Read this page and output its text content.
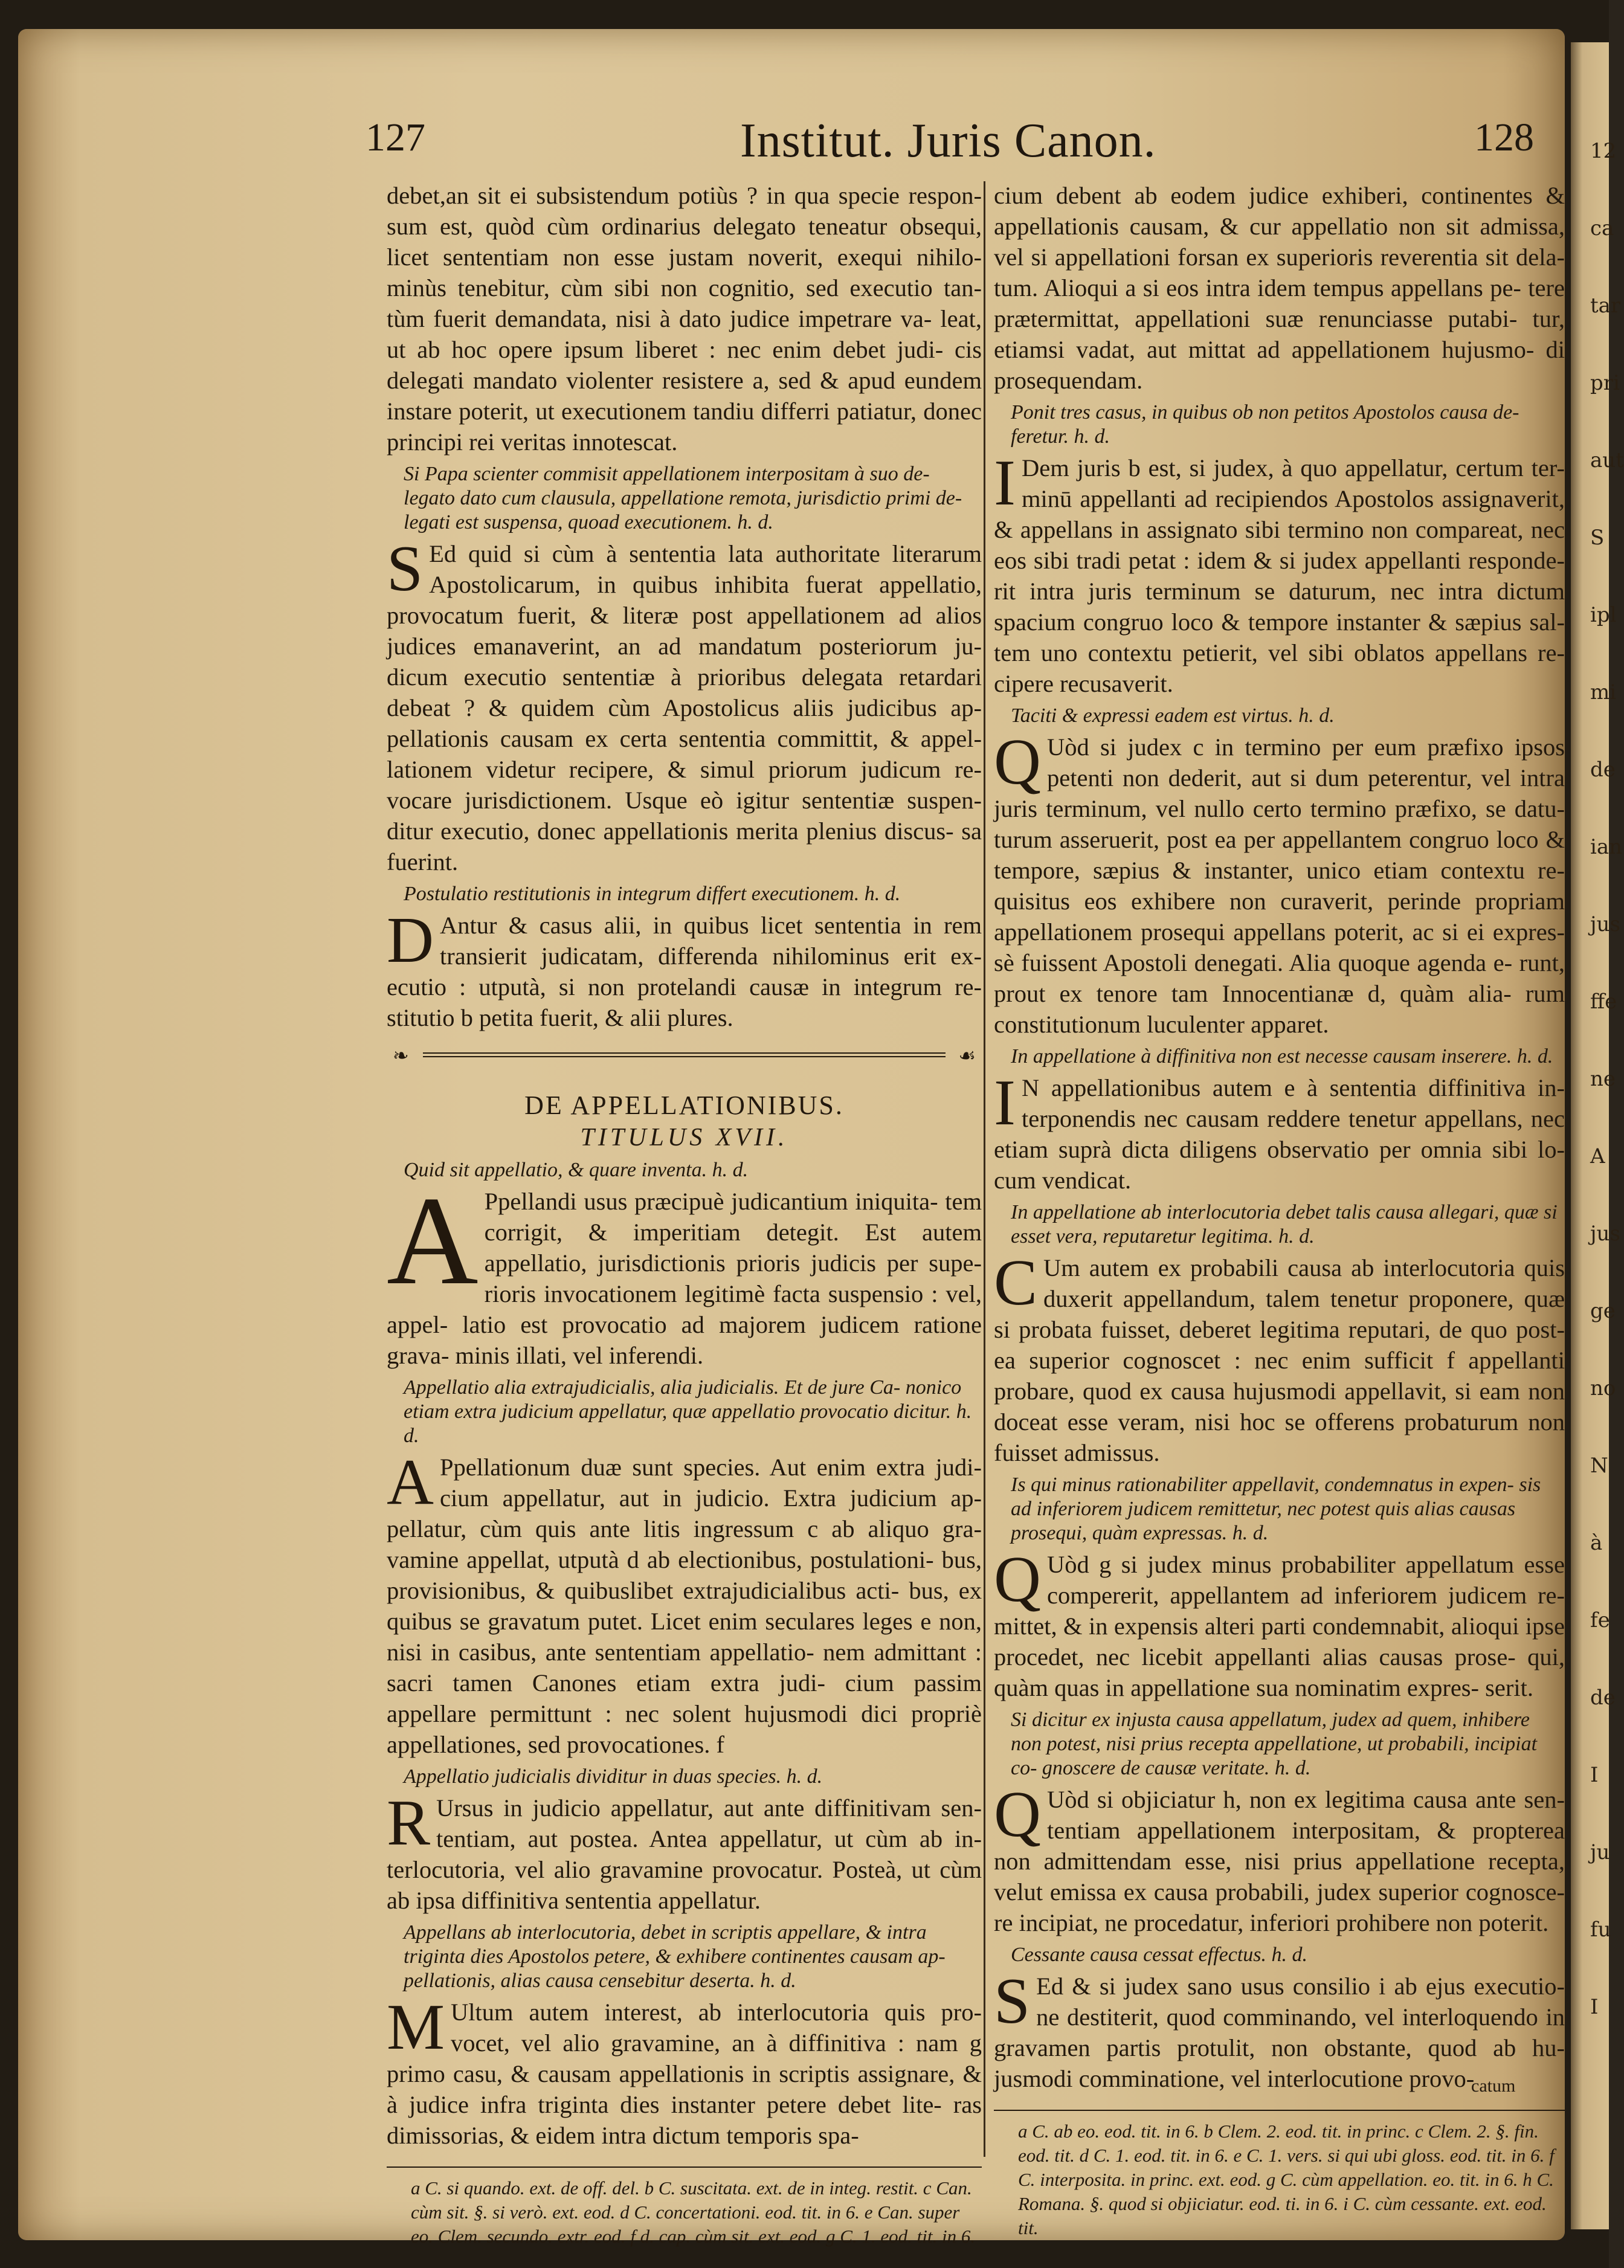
127	Institut. Juris Canon.	128

debet,an sit ei subsistendum potiùs ? in qua specie respon- sum est, quòd cùm ordinarius delegato teneatur obsequi, licet sententiam non esse justam noverit, exequi nihilo- minùs tenebitur, cùm sibi non cognitio, sed executio tan- tùm fuerit demandata, nisi à dato judice impetrare va- leat, ut ab hoc opere ipsum liberet : nec enim debet judi- cis delegati mandato violenter resistere a, sed & apud eundem instare poterit, ut executionem tandiu differri patiatur, donec principi rei veritas innotescat.

Si Papa scienter commisit appellationem interpositam à suo de- legato dato cum clausula, appellatione remota, jurisdictio primi de- legati est suspensa, quoad executionem. h. d.

S Ed quid si cùm à sententia lata authoritate literarum Apostolicarum, in quibus inhibita fuerat appellatio, provocatum fuerit, & literæ post appellationem ad alios judices emanaverint, an ad mandatum posteriorum ju- dicum executio sententiæ à prioribus delegata retardari debeat ? & quidem cùm Apostolicus aliis judicibus ap- pellationis causam ex certa sententia committit, & appel- lationem videtur recipere, & simul priorum judicum re- vocare jurisdictionem. Usque eò igitur sententiæ suspen- ditur executio, donec appellationis merita plenius discus- sa fuerint.

Postulatio restitutionis in integrum differt executionem. h. d.

D Antur & casus alii, in quibus licet sententia in rem transierit judicatam, differenda nihilominus erit ex- ecutio : utputà, si non protelandi causæ in integrum re- stitutio b petita fuerit, & alii plures.

❧	☙
DE APPELLATIONIBUS.
TITULUS XVII.

Quid sit appellatio, & quare inventa. h. d.

A Ppellandi usus præcipuè judicantium iniquita- tem corrigit, & imperitiam detegit. Est autem appellatio, jurisdictionis prioris judicis per supe- rioris invocationem legitimè facta suspensio : vel, appel- latio est provocatio ad majorem judicem ratione grava- minis illati, vel inferendi.

Appellatio alia extrajudicialis, alia judicialis. Et de jure Ca- nonico etiam extra judicium appellatur, quæ appellatio provocatio dicitur. h. d.

A Ppellationum duæ sunt species. Aut enim extra judi- cium appellatur, aut in judicio. Extra judicium ap- pellatur, cùm quis ante litis ingressum c ab aliquo gra- vamine appellat, utputà d ab electionibus, postulationi- bus, provisionibus, & quibuslibet extrajudicialibus acti- bus, ex quibus se gravatum putet. Licet enim seculares leges e non, nisi in casibus, ante sententiam appellatio- nem admittant : sacri tamen Canones etiam extra judi- cium passim appellare permittunt : nec solent hujusmodi dici propriè appellationes, sed provocationes. f

Appellatio judicialis dividitur in duas species. h. d.

R Ursus in judicio appellatur, aut ante diffinitivam sen- tentiam, aut postea. Antea appellatur, ut cùm ab in- terlocutoria, vel alio gravamine provocatur. Posteà, ut cùm ab ipsa diffinitiva sententia appellatur.

Appellans ab interlocutoria, debet in scriptis appellare, & intra triginta dies Apostolos petere, & exhibere continentes causam ap- pellationis, alias causa censebitur deserta. h. d.

M Ultum autem interest, ab interlocutoria quis pro- vocet, vel alio gravamine, an à diffinitiva : nam g primo casu, & causam appellationis in scriptis assignare, & à judice infra triginta dies instanter petere debet lite- ras dimissorias, & eidem intra dictum temporis spa-

a C. si quando. ext. de off. del. b C. suscitata. ext. de in integ. restit. c Can. cùm sit. §. si verò. ext. eod. d C. concertationi. eod. tit. in 6. e Can. super eo. Clem. secundo. extr. eod. f d. cap. cùm sit. ext. eod. g C. 1. eod. tit. in 6.

cium debent ab eodem judice exhiberi, continentes & appellationis causam, & cur appellatio non sit admissa, vel si appellationi forsan ex superioris reverentia sit dela- tum. Alioqui a si eos intra idem tempus appellans pe- tere prætermittat, appellationi suæ renunciasse putabi- tur, etiamsi vadat, aut mittat ad appellationem hujusmo- di prosequendam.

Ponit tres casus, in quibus ob non petitos Apostolos causa de- feretur. h. d.

I Dem juris b est, si judex, à quo appellatur, certum ter- minū appellanti ad recipiendos Apostolos assignaverit, & appellans in assignato sibi termino non compareat, nec eos sibi tradi petat : idem & si judex appellanti responde- rit intra juris terminum se daturum, nec intra dictum spacium congruo loco & tempore instanter & sæpius sal- tem uno contextu petierit, vel sibi oblatos appellans re- cipere recusaverit.

Taciti & expressi eadem est virtus. h. d.

Q Uòd si judex c in termino per eum præfixo ipsos petenti non dederit, aut si dum peterentur, vel intra juris terminum, vel nullo certo termino præfixo, se datu- turum asseruerit, post ea per appellantem congruo loco & tempore, sæpius & instanter, unico etiam contextu re- quisitus eos exhibere non curaverit, perinde propriam appellationem prosequi appellans poterit, ac si ei expres- sè fuissent Apostoli denegati. Alia quoque agenda e- runt, prout ex tenore tam Innocentianæ d, quàm alia- rum constitutionum luculenter apparet.

In appellatione à diffinitiva non est necesse causam inserere. h. d.

I N appellationibus autem e à sententia diffinitiva in- terponendis nec causam reddere tenetur appellans, nec etiam suprà dicta diligens observatio per omnia sibi lo- cum vendicat.

In appellatione ab interlocutoria debet talis causa allegari, quæ si esset vera, reputaretur legitima. h. d.

C Um autem ex probabili causa ab interlocutoria quis duxerit appellandum, talem tenetur proponere, quæ si probata fuisset, deberet legitima reputari, de quo post- ea superior cognoscet : nec enim sufficit f appellanti probare, quod ex causa hujusmodi appellavit, si eam non doceat esse veram, nisi hoc se offerens probaturum non fuisset admissus.

Is qui minus rationabiliter appellavit, condemnatus in expen- sis ad inferiorem judicem remittetur, nec potest quis alias causas prosequi, quàm expressas. h. d.

Q Uòd g si judex minus probabiliter appellatum esse compererit, appellantem ad inferiorem judicem re- mittet, & in expensis alteri parti condemnabit, alioqui ipse procedet, nec licebit appellanti alias causas prose- qui, quàm quas in appellatione sua nominatim expres- serit.

Si dicitur ex injusta causa appellatum, judex ad quem, inhibere non potest, nisi prius recepta appellatione, ut probabili, incipiat co- gnoscere de causæ veritate. h. d.

Q Uòd si objiciatur h, non ex legitima causa ante sen- tentiam appellationem interpositam, & propterea non admittendam esse, nisi prius appellatione recepta, velut emissa ex causa probabili, judex superior cognosce- re incipiat, ne procedatur, inferiori prohibere non poterit.

Cessante causa cessat effectus. h. d.

S Ed & si judex sano usus consilio i ab ejus executio- ne destiterit, quod comminando, vel interloquendo in gravamen partis protulit, non obstante, quod ab hu- jusmodi comminatione, vel interlocutione provo-

a C. ab eo. eod. tit. in 6. b Clem. 2. eod. tit. in princ. c Clem. 2. §. fin. eod. tit. d C. 1. eod. tit. in 6. e C. 1. vers. si qui ubi gloss. eod. tit. in 6. f C. interposita. in princ. ext. eod. g C. cùm appellation. eo. tit. in 6. h C. Romana. §. quod si objiciatur. eod. ti. in 6. i C. cùm cessante. ext. eod. tit.

catum
12
ca
tar
pri
aut
S
ipl
mi
de
ian
jus
ffe
ne
A
jus
ge
no
N
à
fe
de
I
ju
fu
I
